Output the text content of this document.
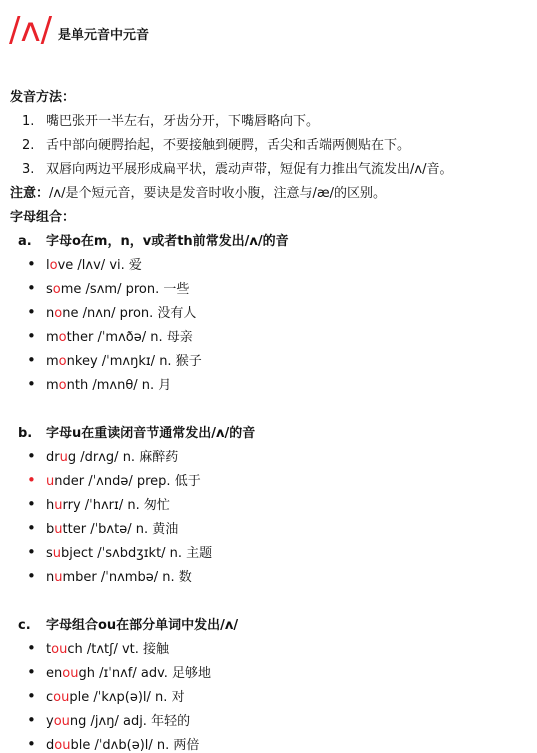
/ʌ/ 是单元音中元音
发音方法：
1. 嘴巴张开一半左右，牙齿分开，下嘴唇略向下。
2. 舌中部向硬腭抬起，不要接触到硬腭，舌尖和舌端两侧贴在下。
3. 双唇向两边平展形成扁平状，震动声带，短促有力推出气流发出/ʌ/音。
注意：/ʌ/是个短元音，要诀是发音时收小腹，注意与/æ/的区别。
字母组合：
a. 字母o在m，n，v或者th前常发出/ʌ/的音
• love /lʌv/ vi. 爱
• some /sʌm/ pron. 一些
• none /nʌn/ pron. 没有人
• mother /ˈmʌðə/ n. 母亲
• monkey /ˈmʌŋkɪ/ n. 猴子
• month /mʌnθ/ n. 月
b. 字母u在重读闭音节通常发出/ʌ/的音
• drug /drʌg/ n. 麻醉药
• under /ˈʌndə/ prep. 低于
• hurry /ˈhʌrɪ/ n. 匆忙
• butter /ˈbʌtə/ n. 黄油
• subject /ˈsʌbdʒɪkt/ n. 主题
• number /ˈnʌmbə/ n. 数
c. 字母组合ou在部分单词中发出/ʌ/
• touch /tʌtʃ/ vt. 接触
• enough /ɪˈnʌf/ adv. 足够地
• couple /ˈkʌp(ə)l/ n. 对
• young /jʌŋ/ adj. 年轻的
• double /ˈdʌb(ə)l/ n. 两倍
